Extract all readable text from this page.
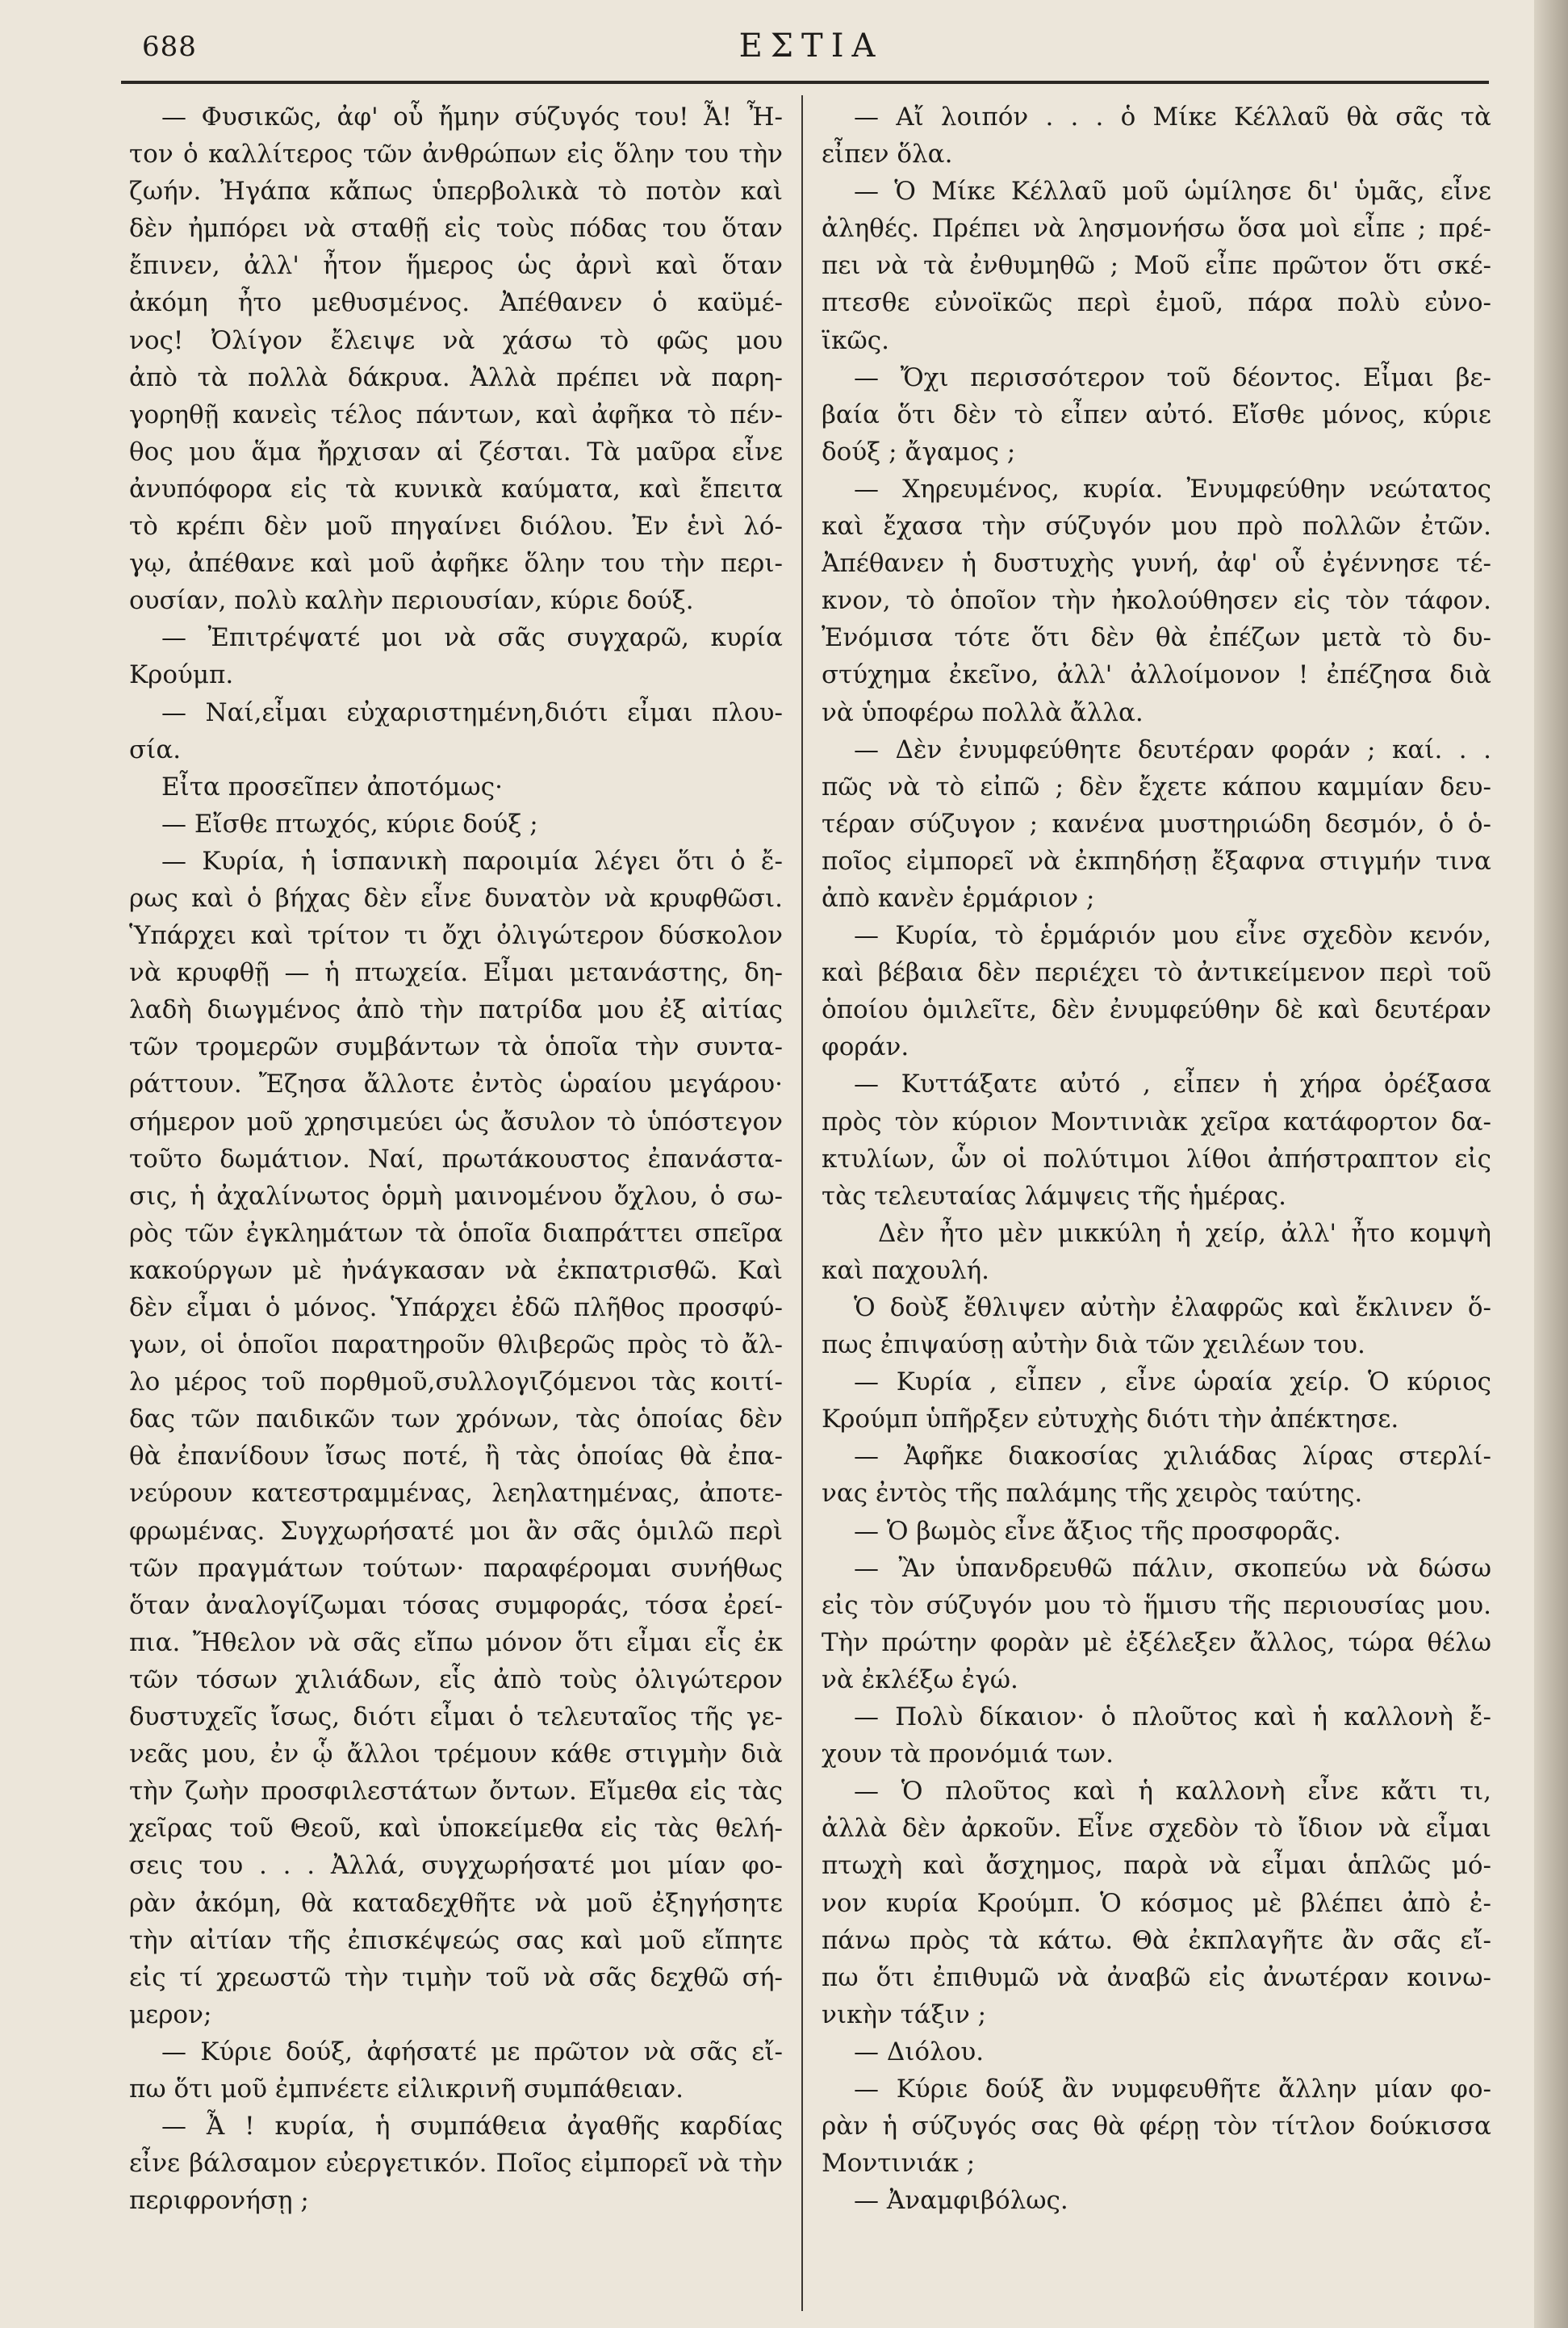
688	ΕΣΤΙΑ
— Φυσικῶς, ἀφ' οὗ ἤμην σύζυγός του! Ἆ! Ἦ-
τον ὁ καλλίτερος τῶν ἀνθρώπων εἰς ὅλην του τὴν
ζωήν. Ἠγάπα κἄπως ὑπερβολικὰ τὸ ποτὸν καὶ
δὲν ἠμπόρει νὰ σταθῇ εἰς τοὺς πόδας του ὅταν
ἔπινεν, ἀλλ' ἦτον ἥμερος ὡς ἀρνὶ καὶ ὅταν
ἀκόμη ἦτο μεθυσμένος. Ἀπέθανεν ὁ καϋμέ-
νος! Ὀλίγον ἔλειψε νὰ χάσω τὸ φῶς μου
ἀπὸ τὰ πολλὰ δάκρυα. Ἀλλὰ πρέπει νὰ παρη-
γορηθῇ κανεὶς τέλος πάντων, καὶ ἀφῆκα τὸ πέν-
θος μου ἅμα ἤρχισαν αἱ ζέσται. Τὰ μαῦρα εἶνε
ἀνυπόφορα εἰς τὰ κυνικὰ καύματα, καὶ ἔπειτα
τὸ κρέπι δὲν μοῦ πηγαίνει διόλου. Ἐν ἑνὶ λό-
γῳ, ἀπέθανε καὶ μοῦ ἀφῆκε ὅλην του τὴν περι-
ουσίαν, πολὺ καλὴν περιουσίαν, κύριε δούξ.
— Ἐπιτρέψατέ μοι νὰ σᾶς συγχαρῶ, κυρία
Κρούμπ.
— Ναί,εἶμαι εὐχαριστημένη,διότι εἶμαι πλου-
σία.
Εἶτα προσεῖπεν ἀποτόμως·
— Εἴσθε πτωχός, κύριε δούξ ;
— Κυρία, ἡ ἱσπανικὴ παροιμία λέγει ὅτι ὁ ἔ-
ρως καὶ ὁ βήχας δὲν εἶνε δυνατὸν νὰ κρυφθῶσι.
Ὑπάρχει καὶ τρίτον τι ὄχι ὀλιγώτερον δύσκολον
νὰ κρυφθῇ — ἡ πτωχεία. Εἶμαι μετανάστης, δη-
λαδὴ διωγμένος ἀπὸ τὴν πατρίδα μου ἐξ αἰτίας
τῶν τρομερῶν συμβάντων τὰ ὁποῖα τὴν συντα-
ράττουν. Ἔζησα ἄλλοτε ἐντὸς ὡραίου μεγάρου·
σήμερον μοῦ χρησιμεύει ὡς ἄσυλον τὸ ὑπόστεγον
τοῦτο δωμάτιον. Ναί, πρωτάκουστος ἐπανάστα-
σις, ἡ ἀχαλίνωτος ὁρμὴ μαινομένου ὄχλου, ὁ σω-
ρὸς τῶν ἐγκλημάτων τὰ ὁποῖα διαπράττει σπεῖρα
κακούργων μὲ ἠνάγκασαν νὰ ἐκπατρισθῶ. Καὶ
δὲν εἶμαι ὁ μόνος. Ὑπάρχει ἐδῶ πλῆθος προσφύ-
γων, οἱ ὁποῖοι παρατηροῦν θλιβερῶς πρὸς τὸ ἄλ-
λο μέρος τοῦ πορθμοῦ,συλλογιζόμενοι τὰς κοιτί-
δας τῶν παιδικῶν των χρόνων, τὰς ὁποίας δὲν
θὰ ἐπανίδουν ἴσως ποτέ, ἢ τὰς ὁποίας θὰ ἐπα-
νεύρουν κατεστραμμένας, λεηλατημένας, ἀποτε-
φρωμένας. Συγχωρήσατέ μοι ἂν σᾶς ὁμιλῶ περὶ
τῶν πραγμάτων τούτων· παραφέρομαι συνήθως
ὅταν ἀναλογίζωμαι τόσας συμφοράς, τόσα ἐρεί-
πια. Ἤθελον νὰ σᾶς εἴπω μόνον ὅτι εἶμαι εἷς ἐκ
τῶν τόσων χιλιάδων, εἷς ἀπὸ τοὺς ὀλιγώτερον
δυστυχεῖς ἴσως, διότι εἶμαι ὁ τελευταῖος τῆς γε-
νεᾶς μου, ἐν ᾧ ἄλλοι τρέμουν κάθε στιγμὴν διὰ
τὴν ζωὴν προσφιλεστάτων ὄντων. Εἴμεθα εἰς τὰς
χεῖρας τοῦ Θεοῦ, καὶ ὑποκείμεθα εἰς τὰς θελή-
σεις του . . . Ἀλλά, συγχωρήσατέ μοι μίαν φο-
ρὰν ἀκόμη, θὰ καταδεχθῆτε νὰ μοῦ ἐξηγήσητε
τὴν αἰτίαν τῆς ἐπισκέψεώς σας καὶ μοῦ εἴπητε
εἰς τί χρεωστῶ τὴν τιμὴν τοῦ νὰ σᾶς δεχθῶ σή-
μερον;
— Κύριε δούξ, ἀφήσατέ με πρῶτον νὰ σᾶς εἴ-
πω ὅτι μοῦ ἐμπνέετε εἰλικρινῆ συμπάθειαν.
— Ἆ ! κυρία, ἡ συμπάθεια ἀγαθῆς καρδίας
εἶνε βάλσαμον εὐεργετικόν. Ποῖος εἰμπορεῖ νὰ τὴν
περιφρονήσῃ ;
— Αἴ λοιπόν . . . ὁ Μίκε Κέλλαῦ θὰ σᾶς τὰ
εἶπεν ὅλα.
— Ὁ Μίκε Κέλλαῦ μοῦ ὡμίλησε δι' ὑμᾶς, εἶνε
ἀληθές. Πρέπει νὰ λησμονήσω ὅσα μοὶ εἶπε ; πρέ-
πει νὰ τὰ ἐνθυμηθῶ ; Μοῦ εἶπε πρῶτον ὅτι σκέ-
πτεσθε εὐνοϊκῶς περὶ ἐμοῦ, πάρα πολὺ εὐνο-
ϊκῶς.
— Ὄχι περισσότερον τοῦ δέοντος. Εἶμαι βε-
βαία ὅτι δὲν τὸ εἶπεν αὐτό. Εἴσθε μόνος, κύριε
δούξ ; ἄγαμος ;
— Χηρευμένος, κυρία. Ἐνυμφεύθην νεώτατος
καὶ ἔχασα τὴν σύζυγόν μου πρὸ πολλῶν ἐτῶν.
Ἀπέθανεν ἡ δυστυχὴς γυνή, ἀφ' οὗ ἐγέννησε τέ-
κνον, τὸ ὁποῖον τὴν ἠκολούθησεν εἰς τὸν τάφον.
Ἐνόμισα τότε ὅτι δὲν θὰ ἐπέζων μετὰ τὸ δυ-
στύχημα ἐκεῖνο, ἀλλ' ἀλλοίμονον ! ἐπέζησα διὰ
νὰ ὑποφέρω πολλὰ ἄλλα.
— Δὲν ἐνυμφεύθητε δευτέραν φοράν ; καί. . .
πῶς νὰ τὸ εἰπῶ ; δὲν ἔχετε κάπου καμμίαν δευ-
τέραν σύζυγον ; κανένα μυστηριώδη δεσμόν, ὁ ὁ-
ποῖος εἰμπορεῖ νὰ ἐκπηδήσῃ ἔξαφνα στιγμήν τινα
ἀπὸ κανὲν ἑρμάριον ;
— Κυρία, τὸ ἑρμάριόν μου εἶνε σχεδὸν κενόν,
καὶ βέβαια δὲν περιέχει τὸ ἀντικείμενον περὶ τοῦ
ὁποίου ὁμιλεῖτε, δὲν ἐνυμφεύθην δὲ καὶ δευτέραν
φοράν.
— Κυττάξατε αὐτό , εἶπεν ἡ χήρα ὀρέξασα
πρὸς τὸν κύριον Μοντινιὰκ χεῖρα κατάφορτον δα-
κτυλίων, ὧν οἱ πολύτιμοι λίθοι ἀπήστραπτον εἰς
τὰς τελευταίας λάμψεις τῆς ἡμέρας.
Δὲν ἦτο μὲν μικκύλη ἡ χείρ, ἀλλ' ἦτο κομψὴ
καὶ παχουλή.
Ὁ δοὺξ ἔθλιψεν αὐτὴν ἐλαφρῶς καὶ ἔκλινεν ὅ-
πως ἐπιψαύσῃ αὐτὴν διὰ τῶν χειλέων του.
— Κυρία , εἶπεν , εἶνε ὡραία χείρ. Ὁ κύριος
Κρούμπ ὑπῆρξεν εὐτυχὴς διότι τὴν ἀπέκτησε.
— Ἀφῆκε διακοσίας χιλιάδας λίρας στερλί-
νας ἐντὸς τῆς παλάμης τῆς χειρὸς ταύτης.
— Ὁ βωμὸς εἶνε ἄξιος τῆς προσφορᾶς.
— Ἂν ὑπανδρευθῶ πάλιν, σκοπεύω νὰ δώσω
εἰς τὸν σύζυγόν μου τὸ ἥμισυ τῆς περιουσίας μου.
Τὴν πρώτην φορὰν μὲ ἐξέλεξεν ἄλλος, τώρα θέλω
νὰ ἐκλέξω ἐγώ.
— Πολὺ δίκαιον· ὁ πλοῦτος καὶ ἡ καλλονὴ ἔ-
χουν τὰ προνόμιά των.
— Ὁ πλοῦτος καὶ ἡ καλλονὴ εἶνε κἄτι τι,
ἀλλὰ δὲν ἀρκοῦν. Εἶνε σχεδὸν τὸ ἴδιον νὰ εἶμαι
πτωχὴ καὶ ἄσχημος, παρὰ νὰ εἶμαι ἁπλῶς μό-
νον κυρία Κρούμπ. Ὁ κόσμος μὲ βλέπει ἀπὸ ἐ-
πάνω πρὸς τὰ κάτω. Θὰ ἐκπλαγῆτε ἂν σᾶς εἴ-
πω ὅτι ἐπιθυμῶ νὰ ἀναβῶ εἰς ἀνωτέραν κοινω-
νικὴν τάξιν ;
— Διόλου.
— Κύριε δούξ ἂν νυμφευθῆτε ἄλλην μίαν φο-
ρὰν ἡ σύζυγός σας θὰ φέρῃ τὸν τίτλον δούκισσα
Μοντινιάκ ;
— Ἀναμφιβόλως.
